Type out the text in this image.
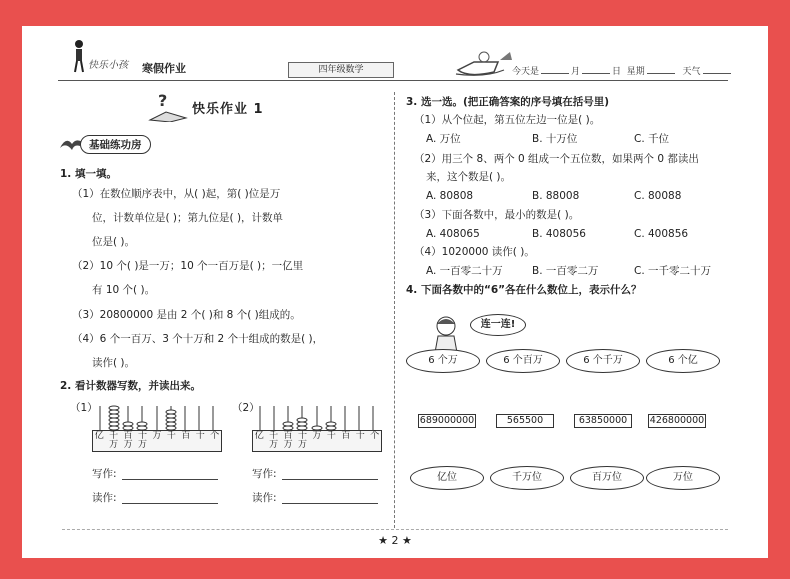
快乐小孩 寒假作业	四年级数学	今天是	月	日 星期	天气
? 快乐作业 1
基础练功房
1. 填一填。
（1）在数位顺序表中，从( )起，第( )位是万
位，计数单位是( )；第九位是( )，计数单
位是( )。
（2）10 个( )是一万；10 个一百万是( )；一亿里
有 10 个( )。
（3）20800000 是由 2 个( )和 8 个( )组成的。
（4）6 个一百万、3 个十万和 2 个十组成的数是( )，
读作( )。
2. 看计数器写数，并读出来。
（1）
亿 千万
百万
十万
万 千 百 十 个
（2）
亿 千万
百万
十万
万 千 百 十 个
写作:
读作:
写作:
读作:
3. 选一选。(把正确答案的序号填在括号里)
（1）从个位起，第五位左边一位是( )。
A. 万位	B. 十万位	C. 千位
（2）用三个 8、两个 0 组成一个五位数，如果两个 0 都读出
来，这个数是( )。
A. 80808	B. 88008	C. 80088
（3）下面各数中，最小的数是( )。
A. 408065	B. 408056	C. 400856
（4）1020000 读作( )。
A. 一百零二十万	B. 一百零二万	C. 一千零二十万
4. 下面各数中的“6”各在什么数位上，表示什么？
连一连!
6 个万	6 个百万	6 个千万	6 个亿
689000000	565500	63850000	426800000
亿位	千万位	百万位	万位
★ 2 ★
